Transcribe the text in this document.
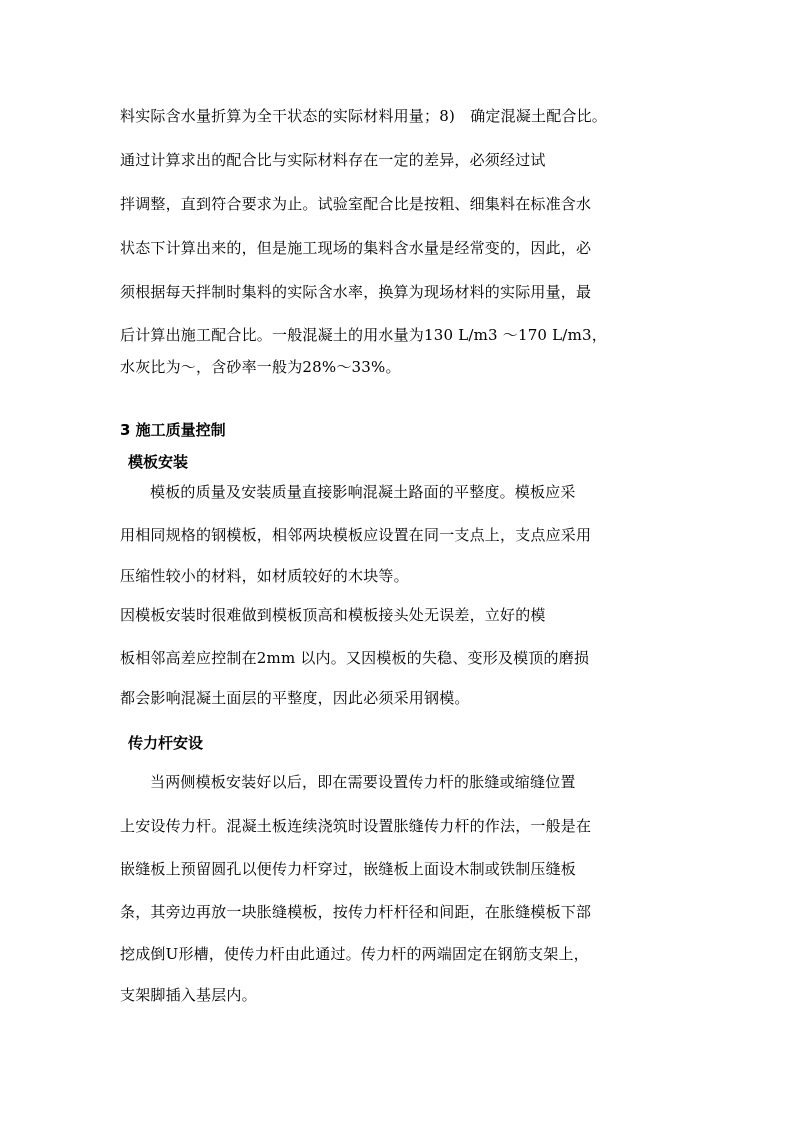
料实际含水量折算为全干状态的实际材料用量；8)　确定混凝土配合比。
通过计算求出的配合比与实际材料存在一定的差异，必须经过试
拌调整，直到符合要求为止。试验室配合比是按粗、细集料在标准含水
状态下计算出来的，但是施工现场的集料含水量是经常变的，因此，必
须根据每天拌制时集料的实际含水率，换算为现场材料的实际用量，最
后计算出施工配合比。一般混凝土的用水量为130 L/m3 ～170 L/m3，
水灰比为～，含砂率一般为28%～33%。
3 施工质量控制
模板安装
模板的质量及安装质量直接影响混凝土路面的平整度。模板应采
用相同规格的钢模板，相邻两块模板应设置在同一支点上，支点应采用
压缩性较小的材料，如材质较好的木块等。
因模板安装时很难做到模板顶高和模板接头处无误差，立好的模
板相邻高差应控制在2mm 以内。又因模板的失稳、变形及模顶的磨损
都会影响混凝土面层的平整度，因此必须采用钢模。
传力杆安设
当两侧模板安装好以后，即在需要设置传力杆的胀缝或缩缝位置
上安设传力杆。混凝土板连续浇筑时设置胀缝传力杆的作法，一般是在
嵌缝板上预留圆孔以便传力杆穿过，嵌缝板上面设木制或铁制压缝板
条，其旁边再放一块胀缝模板，按传力杆杆径和间距，在胀缝模板下部
挖成倒U形槽，使传力杆由此通过。传力杆的两端固定在钢筋支架上，
支架脚插入基层内。
